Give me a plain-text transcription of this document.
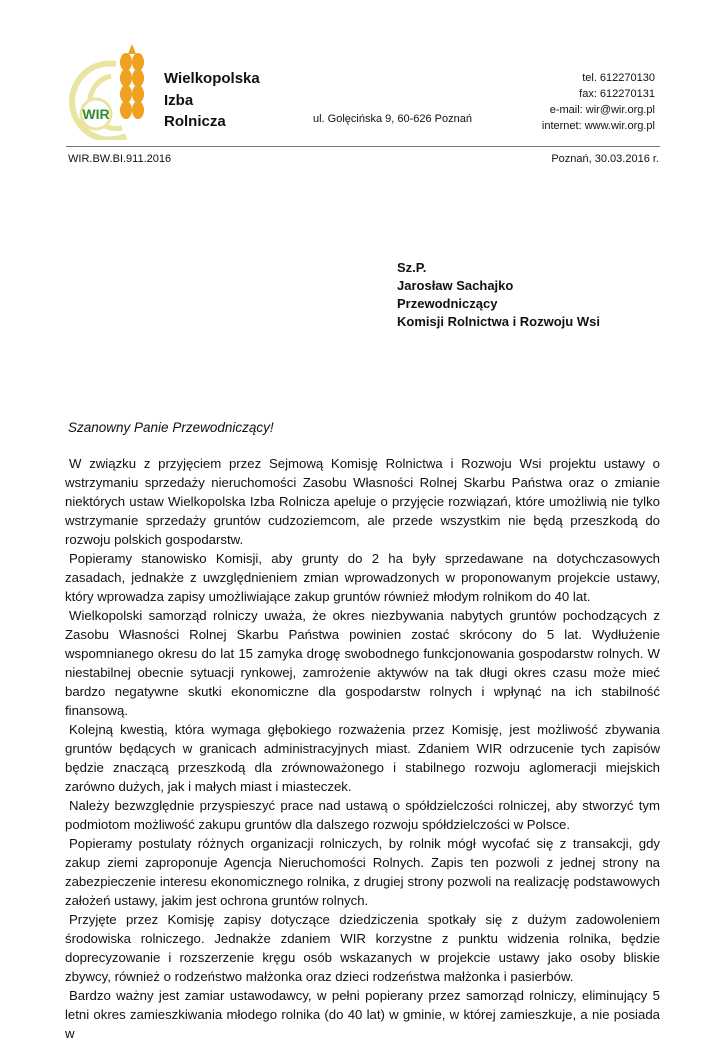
WIR
Wielkopolska
Izba
Rolnicza	ul. Golęcińska 9, 60-626 Poznań
tel. 612270130
fax: 612270131
e-mail: wir@wir.org.pl
internet: www.wir.org.pl
WIR.BW.BI.911.2016	Poznań, 30.03.2016 r.
Sz.P.
Jarosław Sachajko
Przewodniczący
Komisji Rolnictwa i Rozwoju Wsi
Szanowny Panie Przewodniczący!

W związku z przyjęciem przez Sejmową Komisję Rolnictwa i Rozwoju Wsi projektu ustawy o wstrzymaniu sprzedaży nieruchomości Zasobu Własności Rolnej Skarbu Państwa oraz o zmianie niektórych ustaw Wielkopolska Izba Rolnicza apeluje o przyjęcie rozwiązań, które umożliwią nie tylko wstrzymanie sprzedaży gruntów cudzoziemcom, ale przede wszystkim nie będą przeszkodą do rozwoju polskich gospodarstw.

Popieramy stanowisko Komisji, aby grunty do 2 ha były sprzedawane na dotychczasowych zasadach, jednakże z uwzględnieniem zmian wprowadzonych w proponowanym projekcie ustawy, który wprowadza zapisy umożliwiające zakup gruntów również młodym rolnikom do 40 lat.

Wielkopolski samorząd rolniczy uważa, że okres niezbywania nabytych gruntów pochodzących z Zasobu Własności Rolnej Skarbu Państwa powinien zostać skrócony do 5 lat. Wydłużenie wspomnianego okresu do lat 15 zamyka drogę swobodnego funkcjonowania gospodarstw rolnych. W niestabilnej obecnie sytuacji rynkowej, zamrożenie aktywów na tak długi okres czasu może mieć bardzo negatywne skutki ekonomiczne dla gospodarstw rolnych i wpłynąć na ich stabilność finansową.

Kolejną kwestią, która wymaga głębokiego rozważenia przez Komisję, jest możliwość zbywania gruntów będących w granicach administracyjnych miast. Zdaniem WIR odrzucenie tych zapisów będzie znaczącą przeszkodą dla zrównoważonego i stabilnego rozwoju aglomeracji miejskich zarówno dużych, jak i małych miast i miasteczek.

Należy bezwzględnie przyspieszyć prace nad ustawą o spółdzielczości rolniczej, aby stworzyć tym podmiotom możliwość zakupu gruntów dla dalszego rozwoju spółdzielczości w Polsce.

Popieramy postulaty różnych organizacji rolniczych, by rolnik mógł wycofać się z transakcji, gdy zakup ziemi zaproponuje Agencja Nieruchomości Rolnych. Zapis ten pozwoli z jednej strony na zabezpieczenie interesu ekonomicznego rolnika, z drugiej strony pozwoli na realizację podstawowych założeń ustawy, jakim jest ochrona gruntów rolnych.

Przyjęte przez Komisję zapisy dotyczące dziedziczenia spotkały się z dużym zadowoleniem środowiska rolniczego. Jednakże zdaniem WIR korzystne z punktu widzenia rolnika, będzie doprecyzowanie i rozszerzenie kręgu osób wskazanych w projekcie ustawy jako osoby bliskie zbywcy, również o rodzeństwo małżonka oraz dzieci rodzeństwa małżonka i pasierbów.

Bardzo ważny jest zamiar ustawodawcy, w pełni popierany przez samorząd rolniczy, eliminujący 5 letni okres zamieszkiwania młodego rolnika (do 40 lat) w gminie, w której zamieszkuje, a nie posiada w
